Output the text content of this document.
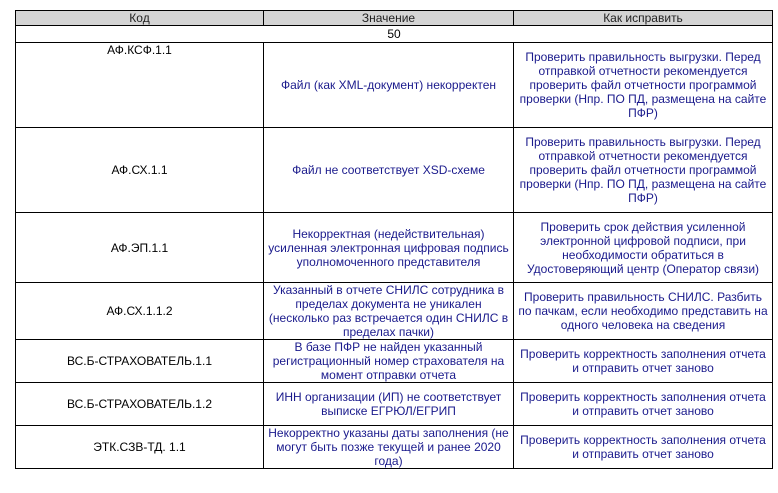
Код	Значение	Как исправить
50		
АФ.КСФ.1.1	Файл (как XML-документ) некорректен	Проверить правильность выгрузки. Перед отправкой отчетности рекомендуется проверить файл отчетности программой проверки (Нпр. ПО ПД, размещена на сайте ПФР)
АФ.СХ.1.1	Файл не соответствует XSD-схеме	Проверить правильность выгрузки. Перед отправкой отчетности рекомендуется проверить файл отчетности программой проверки (Нпр. ПО ПД, размещена на сайте ПФР)
АФ.ЭП.1.1	Некорректная (недействительная) усиленная электронная цифровая подпись уполномоченного представителя	Проверить срок действия усиленной электронной цифровой подписи, при необходимости обратиться в Удостоверяющий центр (Оператор связи)
АФ.СХ.1.1.2	Указанный в отчете СНИЛС сотрудника в пределах документа не уникален (несколько раз встречается один СНИЛС в пределах пачки)	Проверить правильность СНИЛС. Разбить по пачкам, если необходимо представить на одного человека на сведения
ВС.Б-СТРАХОВАТЕЛЬ.1.1	В базе ПФР не найден указанный регистрационный номер страхователя на момент отправки отчета	Проверить корректность заполнения отчета и отправить отчет заново
ВС.Б-СТРАХОВАТЕЛЬ.1.2	ИНН организации (ИП) не соответствует выписке ЕГРЮЛ/ЕГРИП	Проверить корректность заполнения отчета и отправить отчет заново
ЭТК.СЗВ-ТД. 1.1	Некорректно указаны даты заполнения (не могут быть позже текущей и ранее 2020 года)	Проверить корректность заполнения отчета и отправить отчет заново
